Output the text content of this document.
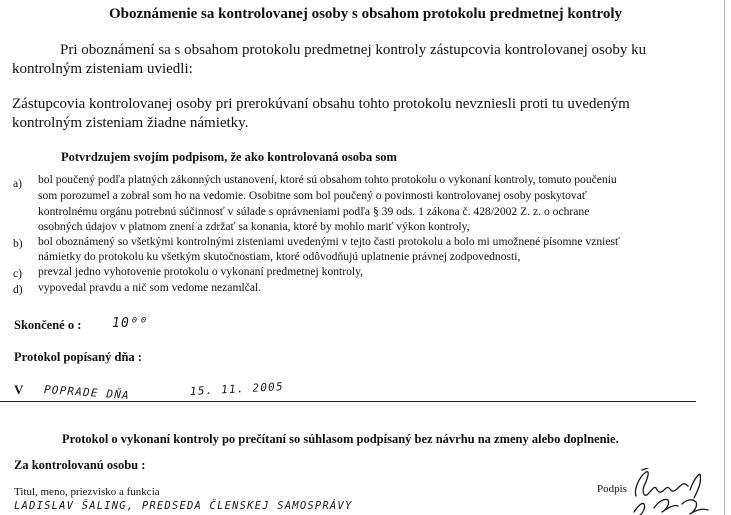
Oboznámenie sa kontrolovanej osoby s obsahom protokolu predmetnej kontroly
Pri oboznámení sa s obsahom protokolu predmetnej kontroly zástupcovia kontrolovanej osoby ku
kontrolným zisteniam uviedli:
Zástupcovia kontrolovanej osoby pri prerokúvaní obsahu tohto protokolu nevzniesli proti tu uvedeným
kontrolným zisteniam žiadne námietky.
Potvrdzujem svojím podpisom, že ako kontrolovaná osoba som
a) bol poučený podľa platných zákonných ustanovení, ktoré sú obsahom tohto protokolu o vykonaní kontroly, tomuto poučeniu
som porozumel a zobral som ho na vedomie. Osobitne som bol poučený o povinnosti kontrolovanej osoby poskytovať
kontrolnému orgánu potrebnú súčinnosť v súlade s oprávneniami podľa § 39 ods. 1 zákona č. 428/2002 Z. z. o ochrane
osobných údajov v platnom znení a zdržať sa konania, ktoré by mohlo mariť výkon kontroly,
b) bol oboznámený so všetkými kontrolnými zisteniami uvedenými v tejto časti protokolu a bolo mi umožnené písomne vzniesť
námietky do protokolu ku všetkým skutočnostiam, ktoré odôvodňujú uplatnenie právnej zodpovednosti,
c) prevzal jedno vyhotovenie protokolu o vykonaní predmetnej kontroly,
d) vypovedal pravdu a nič som vedome nezamlčal.
Skončené o : 10⁰⁰
Protokol popísaný dňa :
V POPRADE DŇA	15. 11. 2005
Protokol o vykonaní kontroly po prečítaní so súhlasom podpísaný bez návrhu na zmeny alebo doplnenie.
Za kontrolovanú osobu :
Titul, meno, priezvisko a funkcia
LADISLAV ŠALING, PREDSEDA ČLENSKEJ SAMOSPRÁVY
Podpis
